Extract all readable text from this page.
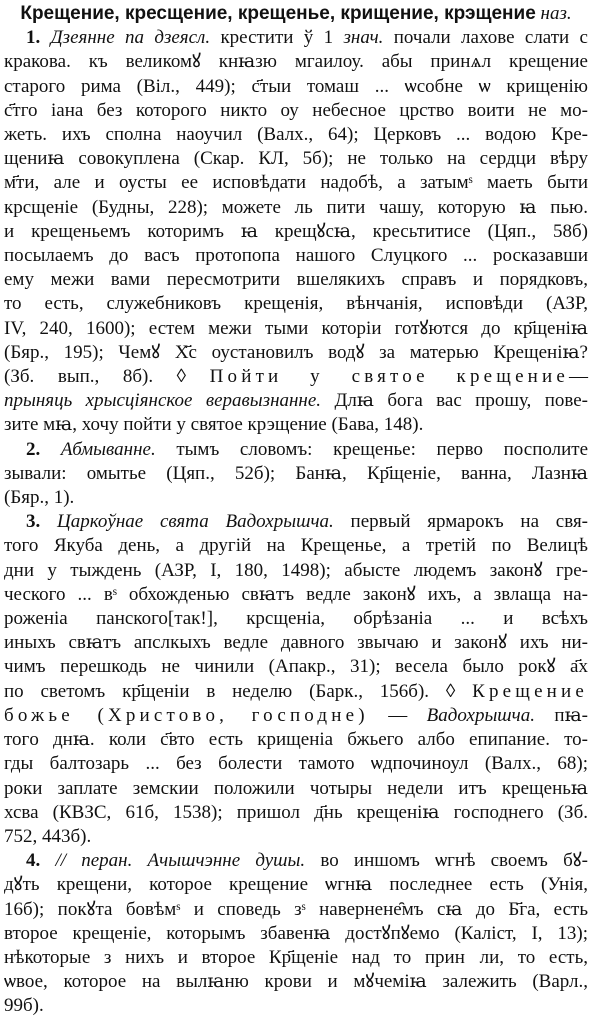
Крещение, кресщение, крещенье, крищение, крэщение наз.
1. Дзеянне па дзеясл. крестити ў 1 знач. почали лахове слати с
кракова. къ великомꙋ кнꙗзю мгаилоу. абы принѧл крещение
старого рима (Віл., 449); с҃тыи томаш ... ѡсобне ѡ крищенію
с҃тго іана без которого никто оу небесное црство воити не мо-
жеть. ихъ сполна наоучил (Валх., 64); Церковъ ... водою Кре-
щениꙗ совокуплена (Скар. КЛ, 5б); не только на сердци вѣру
м҃ти, але и оусты ее исповѣдати надобѣ, а затымˢ маеть быти
крсщеніе (Будны, 228); можете ль пити чашу, которую ꙗ пью.
и крещеньемъ которимъ ꙗ крещꙋсꙗ, кресьтитисе (Цяп., 58б)
посылаемъ до васъ протопопа нашого Слуцкого ... росказавши
ему межи вами пересмотрити вшелякихъ справъ и порядковъ,
то есть, служебниковъ крещенія, вѣнчанія, исповѣди (АЗР,
IV, 240, 1600); естем межи тыми которіи готꙋются до кр҃щеніꙗ
(Бяр., 195); Чемꙋ Х҃с оустановилъ водꙋ за матерью Крещеніꙗ?
(Зб. вып., 8б). ◊ Пойти у святое крещение—
прыняць хрысціянское веравызнанне. Длꙗ бога вас прошу, пове-
зите мꙗ, хочу пойти у святое крэщение (Бава, 148).
2. Абмыванне. тымъ словомъ: крещенье: перво посполите
зывали: омытье (Цяп., 52б); Банꙗ, Кр҃щеніе, ванна, Лазнꙗ
(Бяр., 1).
3. Царкоўнае свята Вадохрышча. первый ярмарокъ на свя-
того Якуба день, а другій на Крещенье, а третій по Велицѣ
дни у тыждень (АЗР, I, 180, 1498); абысте людемъ законꙋ гре-
ческого ... вˢ обхожденью свꙗтъ ведле законꙋ ихъ, а звлаща на-
роженіа панского[так!], крсщеніа, обрѣзаніа ... и всѣхъ
иныхъ свꙗтъ апслкыхъ ведле давного звычаю и законꙋ ихъ ни-
чимъ перешкодь не чинили (Апакр., 31); весела было рокꙋ а҃х
по светомъ кр҃щеніи в неделю (Барк., 156б). ◊ Крещение
божье (Христово, господне) — Вадохрышча. пꙗ-
тогo днꙗ. коли с҃вто есть крищенiа бжьего албо епипание. то-
гды балтозарь ... без болести тамото ѡдпочиноул (Валх., 68);
роки заплате земскии положили чотыры недели итъ крещеньꙗ
хсва (КВЗС, 61б, 1538); пришол д҃нь крещеніꙗ господнего (Зб.
752, 443б).
4. // перан. Ачышчэнне душы. во иншомъ ѡгнѣ своемъ бꙋ-
дꙋть крещени, которое крещение ѡгнꙗ последнее есть (Унія,
16б); покꙋта бовѣмˢ и споведь зˢ навернене̑мъ сꙗ до Б҃га, есть
второе крещеніе, которымъ збавенꙗ достꙋпꙋемо (Каліст, I, 13);
нѣкоторые з нихъ и второе Кр҃щеніе над то прин꙯ли, то есть,
ѡвое, которое на вылꙗню крови и мꙋчеміꙗ залежить (Варл.,
99б).
